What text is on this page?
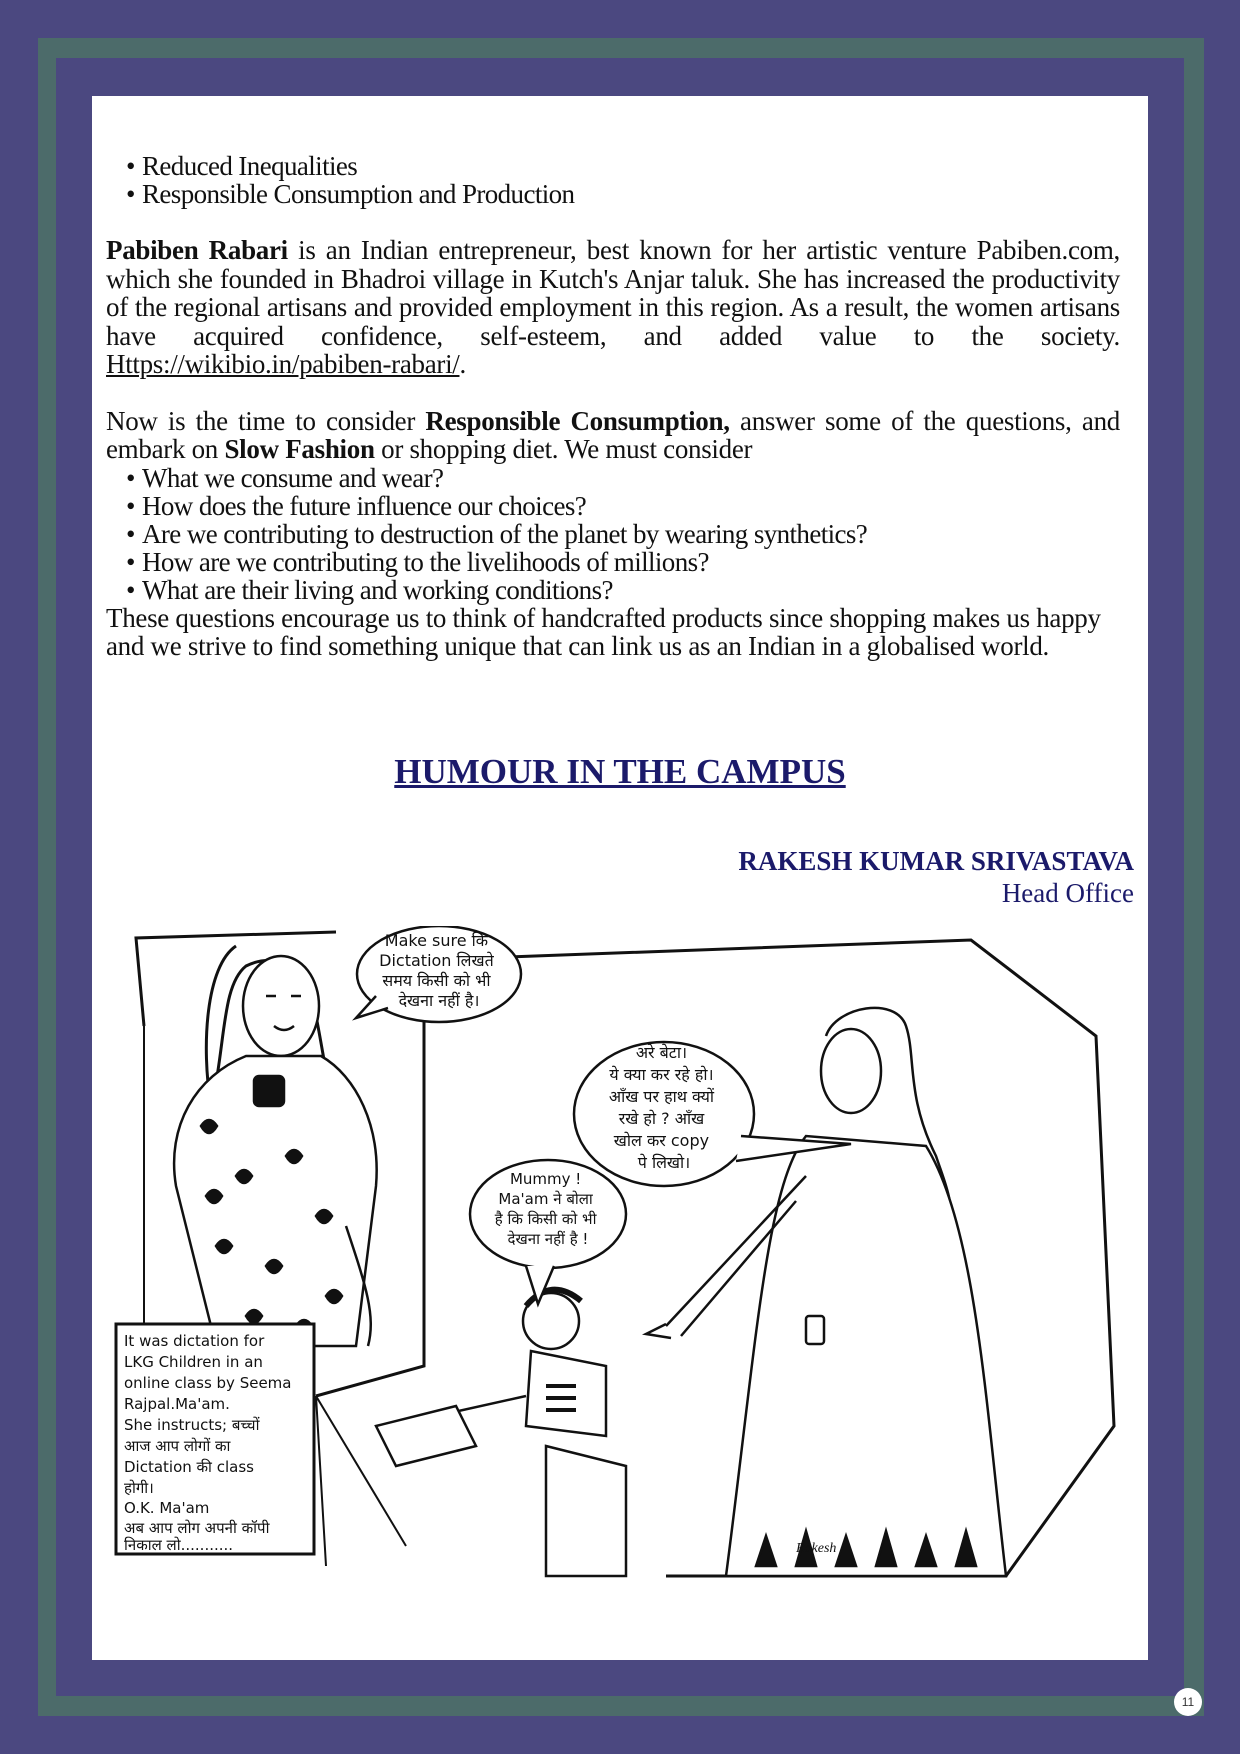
• Reduced Inequalities
• Responsible Consumption and Production

Pabiben Rabari is an Indian entrepreneur, best known for her artistic venture Pabiben.com, which she founded in Bhadroi village in Kutch's Anjar taluk. She has increased the productivity of the regional artisans and provided employment in this region. As a result, the women artisans have acquired confidence, self-esteem, and added value to the society. Https://wikibio.in/pabiben-rabari/.

Now is the time to consider Responsible Consumption, answer some of the questions, and embark on Slow Fashion or shopping diet. We must consider

• What we consume and wear?
• How does the future influence our choices?
• Are we contributing to destruction of the planet by wearing synthetics?
• How are we contributing to the livelihoods of millions?
• What are their living and working conditions?

These questions encourage us to think of handcrafted products since shopping makes us happy and we strive to find something unique that can link us as an Indian in a globalised world.

HUMOUR IN THE CAMPUS
RAKESH KUMAR SRIVASTAVA
Head Office
Make sure कि Dictation लिखते समय किसी को भी देखना नहीं है।
अरे बेटा। ये क्या कर रहे हो। आँख पर हाथ क्यों रखे हो ? आँख खोल कर copy पे लिखो।
Mummy ! Ma'am ने बोला है कि किसी को भी देखना नहीं है !
It was dictation for LKG Children in an online class by Seema Rajpal.Ma'am. She instructs; बच्चों आज आप लोगों का Dictation की class होगी। O.K. Ma'am अब आप लोग अपनी कॉपी निकाल लो...........	Rakesh
11
